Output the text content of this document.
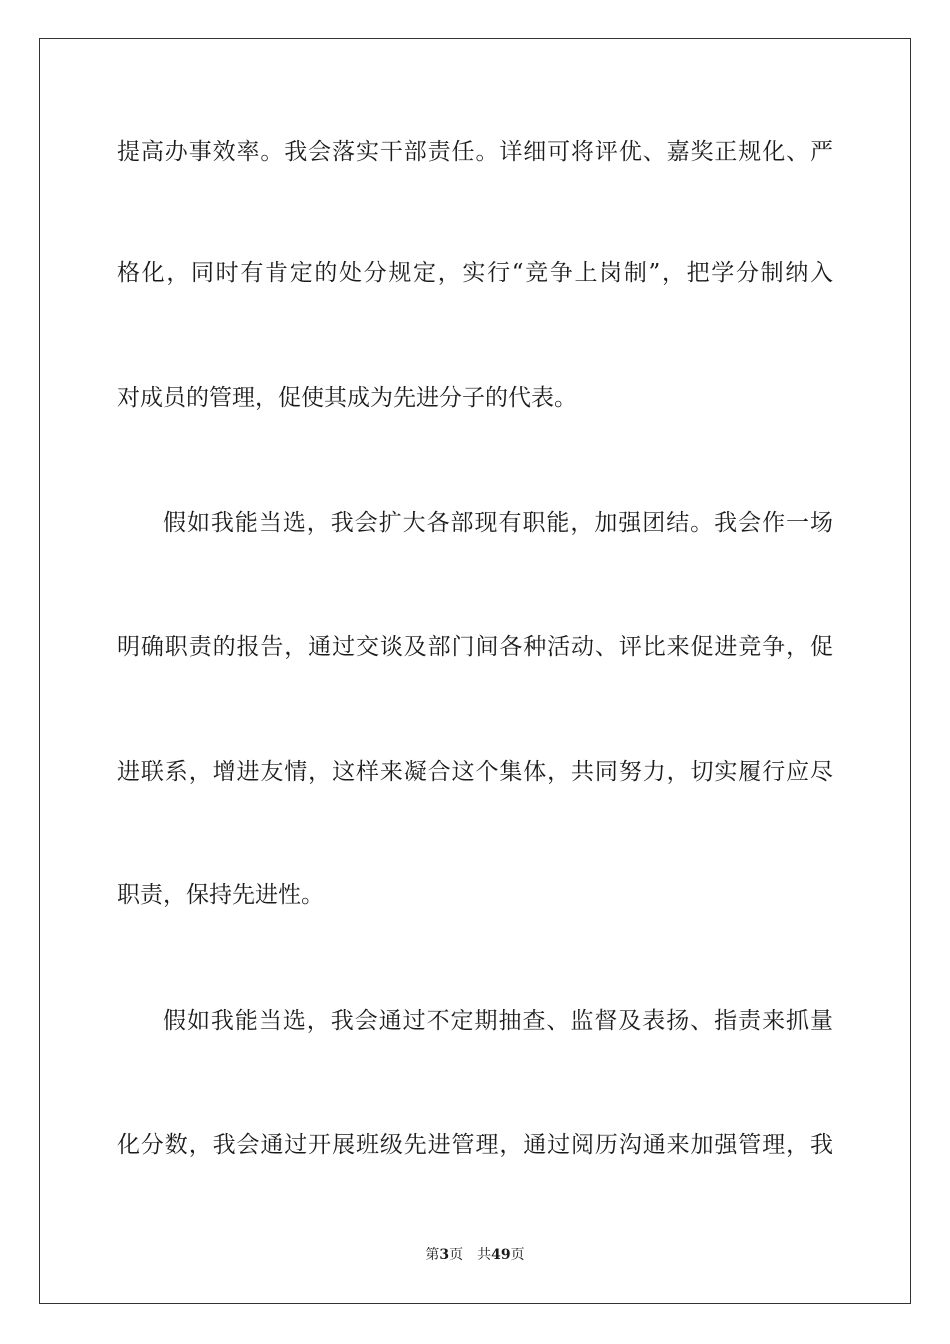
提高办事效率。我会落实干部责任。详细可将评优、嘉奖正规化、严
格化，同时有肯定的处分规定，实行“竞争上岗制”，把学分制纳入
对成员的管理，促使其成为先进分子的代表。
假如我能当选，我会扩大各部现有职能，加强团结。我会作一场
明确职责的报告，通过交谈及部门间各种活动、评比来促进竞争，促
进联系，增进友情，这样来凝合这个集体，共同努力，切实履行应尽
职责，保持先进性。
假如我能当选，我会通过不定期抽查、监督及表扬、指责来抓量
化分数，我会通过开展班级先进管理，通过阅历沟通来加强管理，我
第3页 共49页
